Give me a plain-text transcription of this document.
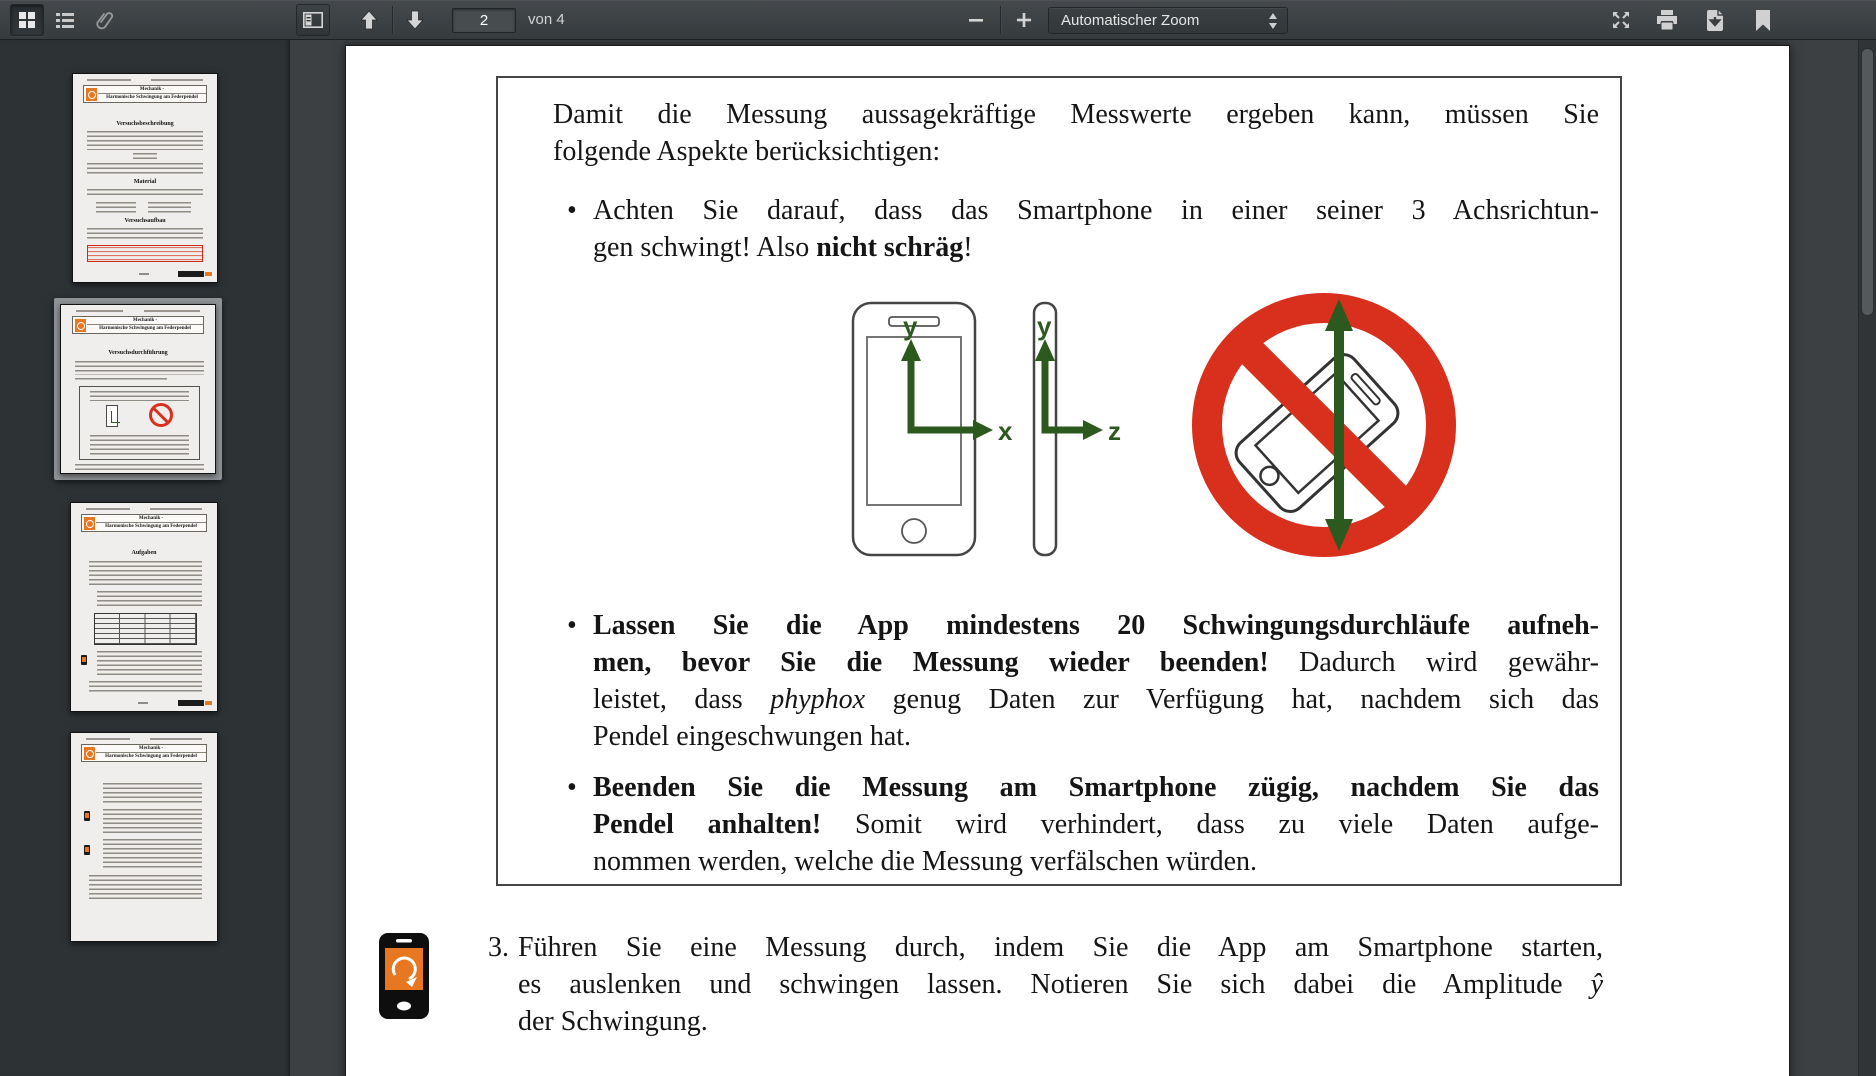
2
von 4	Automatischer Zoom
Mechanik -
Harmonische Schwingung am Federpendel
Versuchsbeschreibung
Material
Versuchsaufbau
Mechanik -
Harmonische Schwingung am Federpendel
Versuchsdurchführung
Mechanik -
Harmonische Schwingung am Federpendel
Aufgaben
Mechanik -
Harmonische Schwingung am Federpendel
Damit die Messung aussagekräftige Messwerte ergeben kann, müssen Sie
folgende Aspekte berücksichtigen:
• Achten Sie darauf, dass das Smartphone in einer seiner 3 Achsrichtun-
gen schwingt! Also nicht schräg!
y
x
y
z
• Lassen Sie die App mindestens 20 Schwingungsdurchläufe aufneh-
men, bevor Sie die Messung wieder beenden! Dadurch wird gewähr-
leistet, dass phyphox genug Daten zur Verfügung hat, nachdem sich das
Pendel eingeschwungen hat.
• Beenden Sie die Messung am Smartphone zügig, nachdem Sie das
Pendel anhalten! Somit wird verhindert, dass zu viele Daten aufge-
nommen werden, welche die Messung verfälschen würden.
3. Führen Sie eine Messung durch, indem Sie die App am Smartphone starten,
es auslenken und schwingen lassen. Notieren Sie sich dabei die Amplitude ŷ
der Schwingung.
